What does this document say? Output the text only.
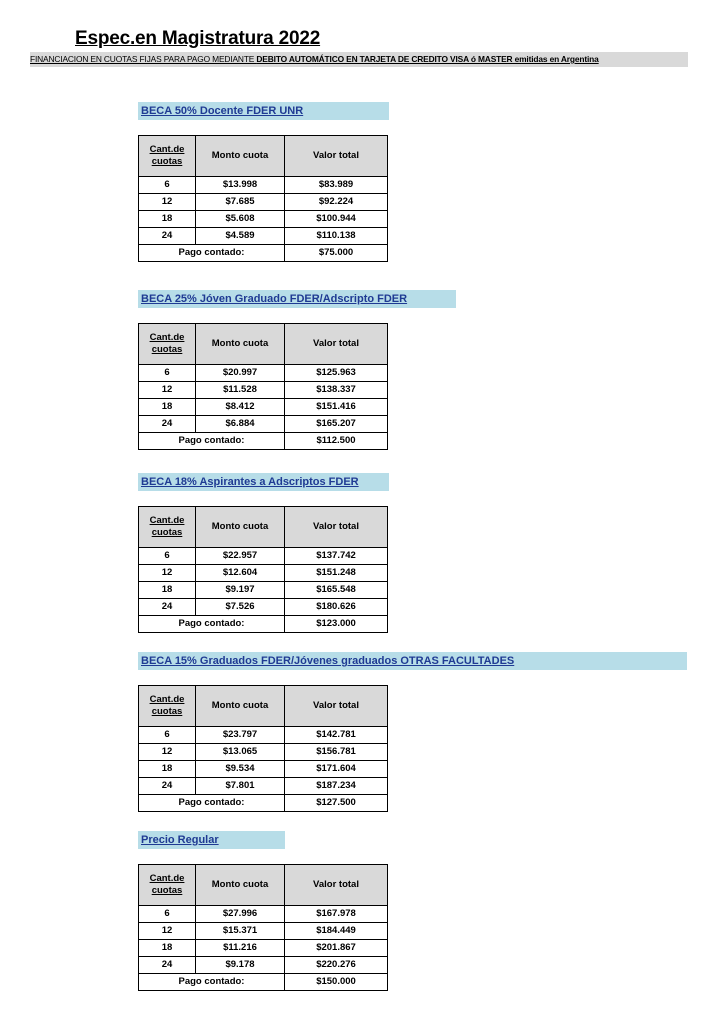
Espec.en Magistratura 2022
FINANCIACION EN CUOTAS FIJAS PARA PAGO MEDIANTE DEBITO AUTOMÁTICO EN TARJETA DE CREDITO VISA ó MASTER emitidas en Argentina
BECA 50% Docente FDER UNR
Cant.de
cuotas	Monto cuota	Valor total
6	$13.998	$83.989
12	$7.685	$92.224
18	$5.608	$100.944
24	$4.589	$110.138
Pago contado:		$75.000
BECA 25% Jóven Graduado FDER/Adscripto FDER
Cant.de
cuotas	Monto cuota	Valor total
6	$20.997	$125.963
12	$11.528	$138.337
18	$8.412	$151.416
24	$6.884	$165.207
Pago contado:		$112.500
BECA 18% Aspirantes a Adscriptos FDER
Cant.de
cuotas	Monto cuota	Valor total
6	$22.957	$137.742
12	$12.604	$151.248
18	$9.197	$165.548
24	$7.526	$180.626
Pago contado:		$123.000
BECA 15% Graduados FDER/Jóvenes graduados OTRAS FACULTADES
Cant.de
cuotas	Monto cuota	Valor total
6	$23.797	$142.781
12	$13.065	$156.781
18	$9.534	$171.604
24	$7.801	$187.234
Pago contado:		$127.500
Precio Regular
Cant.de
cuotas	Monto cuota	Valor total
6	$27.996	$167.978
12	$15.371	$184.449
18	$11.216	$201.867
24	$9.178	$220.276
Pago contado:		$150.000
